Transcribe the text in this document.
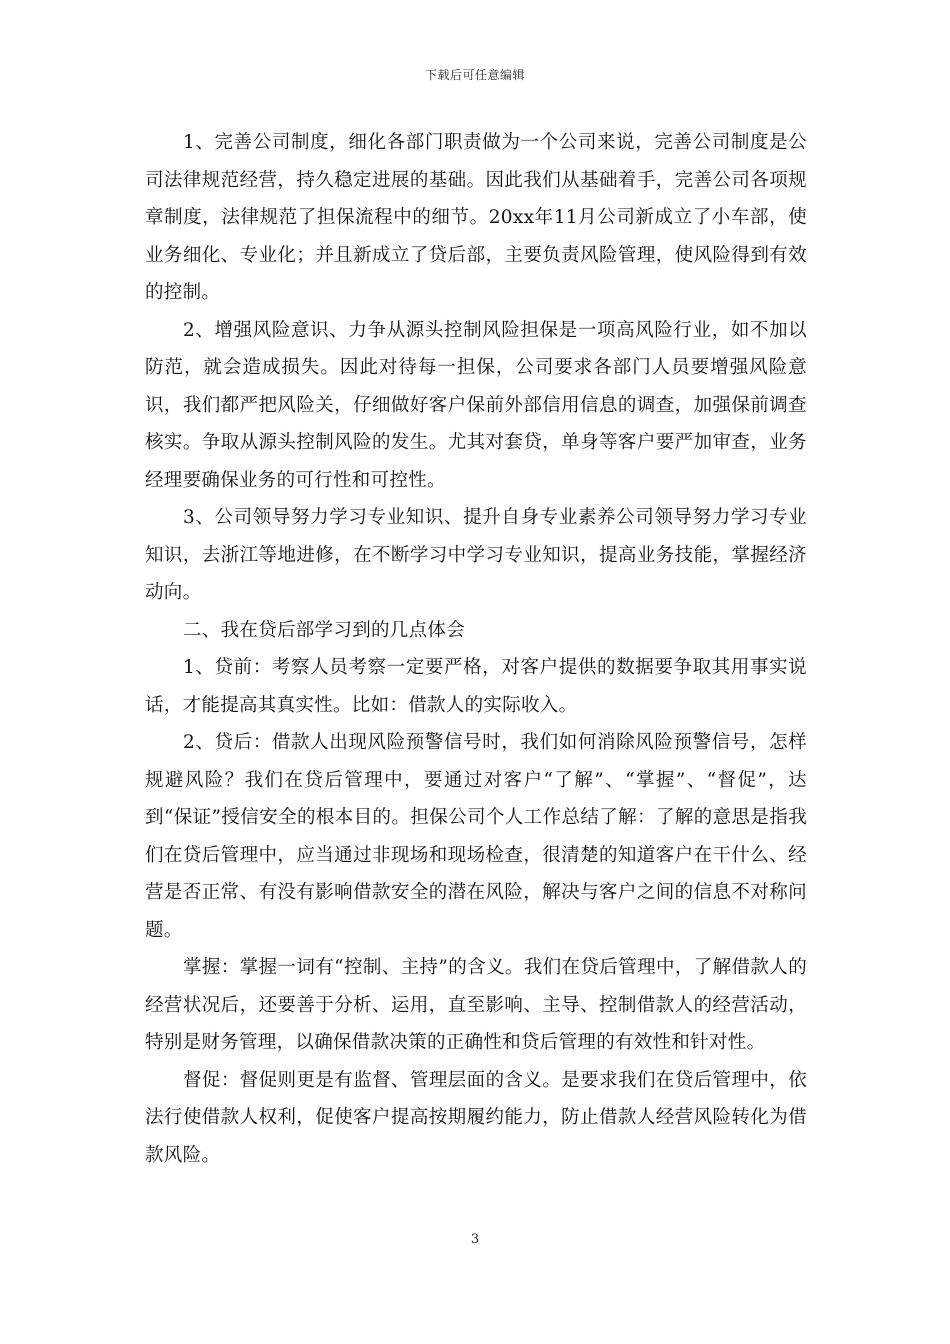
下载后可任意编辑

1、完善公司制度，细化各部门职责做为一个公司来说，完善公司制度是公司法律规范经营，持久稳定进展的基础。因此我们从基础着手，完善公司各项规章制度，法律规范了担保流程中的细节。20xx年11月公司新成立了小车部，使业务细化、专业化；并且新成立了贷后部，主要负责风险管理，使风险得到有效的控制。

2、增强风险意识、力争从源头控制风险担保是一项高风险行业，如不加以防范，就会造成损失。因此对待每一担保，公司要求各部门人员要增强风险意识，我们都严把风险关，仔细做好客户保前外部信用信息的调查，加强保前调查核实。争取从源头控制风险的发生。尤其对套贷，单身等客户要严加审查，业务经理要确保业务的可行性和可控性。

3、公司领导努力学习专业知识、提升自身专业素养公司领导努力学习专业知识，去浙江等地进修，在不断学习中学习专业知识，提高业务技能，掌握经济动向。

二、我在贷后部学习到的几点体会

1、贷前：考察人员考察一定要严格，对客户提供的数据要争取其用事实说话，才能提高其真实性。比如：借款人的实际收入。

2、贷后：借款人出现风险预警信号时，我们如何消除风险预警信号，怎样规避风险？我们在贷后管理中，要通过对客户“了解”、“掌握”、“督促”，达到“保证”授信安全的根本目的。担保公司个人工作总结了解：了解的意思是指我们在贷后管理中，应当通过非现场和现场检查，很清楚的知道客户在干什么、经营是否正常、有没有影响借款安全的潜在风险，解决与客户之间的信息不对称问题。

掌握：掌握一词有“控制、主持”的含义。我们在贷后管理中，了解借款人的经营状况后，还要善于分析、运用，直至影响、主导、控制借款人的经营活动，特别是财务管理，以确保借款决策的正确性和贷后管理的有效性和针对性。

督促：督促则更是有监督、管理层面的含义。是要求我们在贷后管理中，依法行使借款人权利，促使客户提高按期履约能力，防止借款人经营风险转化为借款风险。

3
